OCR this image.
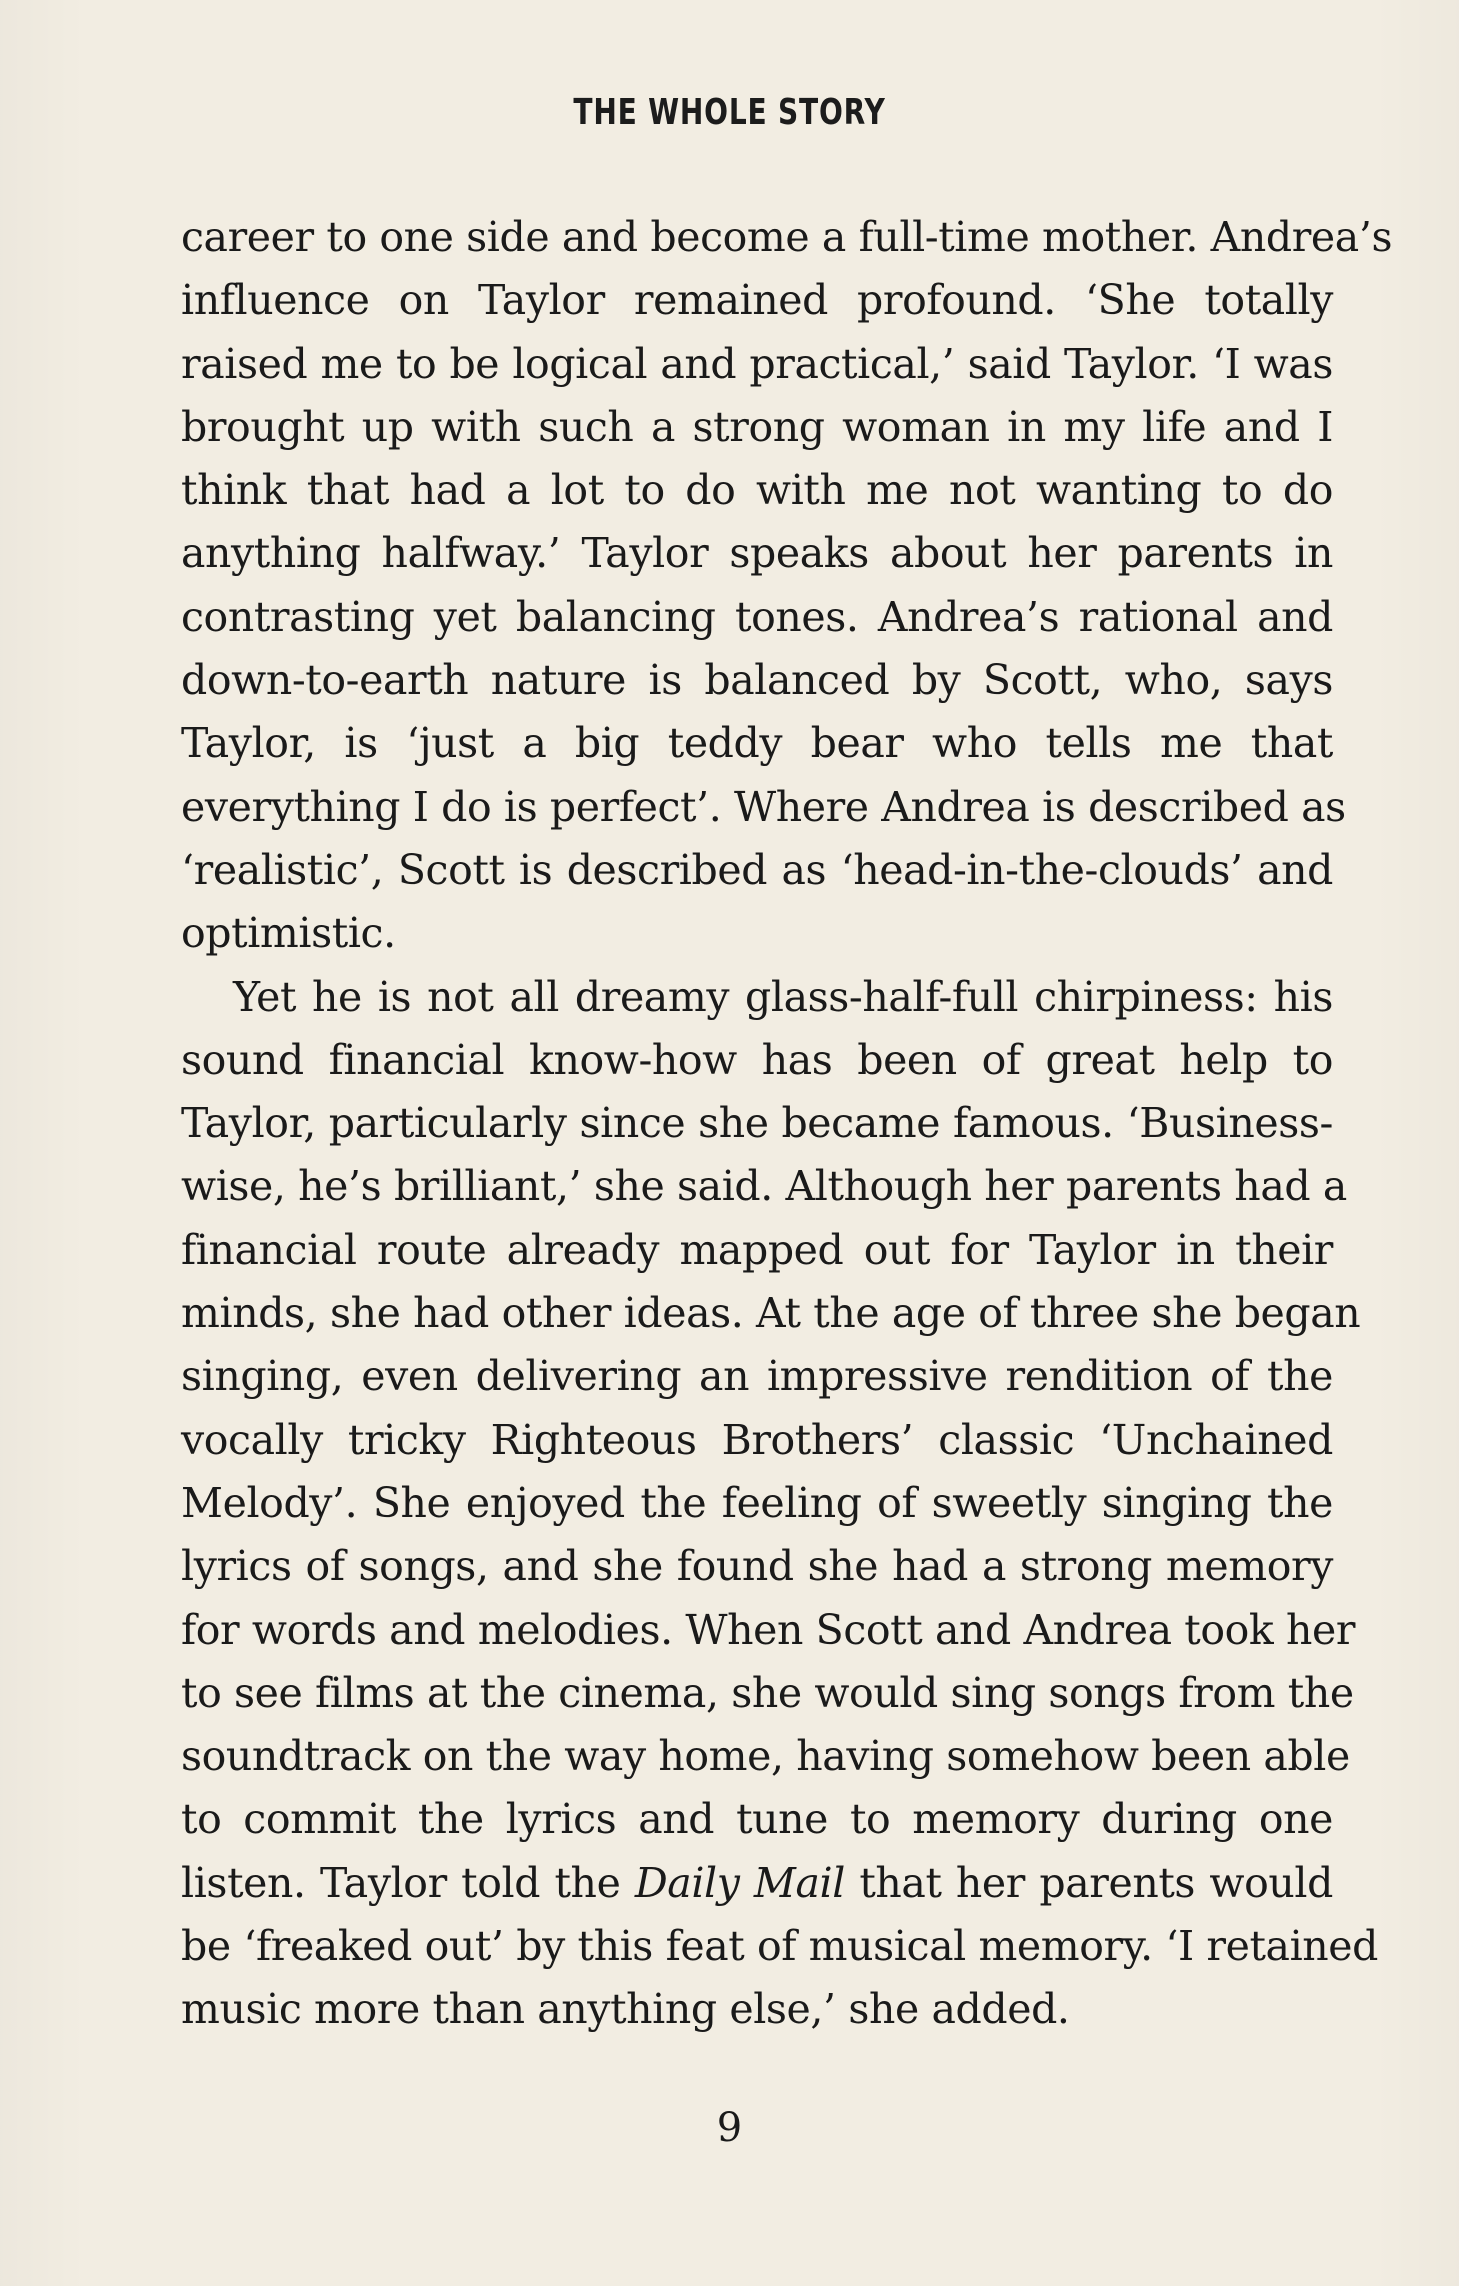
THE WHOLE STORY
career to one side and become a full-time mother. Andrea’s
influence on Taylor remained profound. ‘She totally
raised me to be logical and practical,’ said Taylor. ‘I was
brought up with such a strong woman in my life and I
think that had a lot to do with me not wanting to do
anything halfway.’ Taylor speaks about her parents in
contrasting yet balancing tones. Andrea’s rational and
down-to-earth nature is balanced by Scott, who, says
Taylor, is ‘just a big teddy bear who tells me that
everything I do is perfect’. Where Andrea is described as
‘realistic’, Scott is described as ‘head-in-the-clouds’ and
optimistic.
Yet he is not all dreamy glass-half-full chirpiness: his
sound financial know-how has been of great help to
Taylor, particularly since she became famous. ‘Business-
wise, he’s brilliant,’ she said. Although her parents had a
financial route already mapped out for Taylor in their
minds, she had other ideas. At the age of three she began
singing, even delivering an impressive rendition of the
vocally tricky Righteous Brothers’ classic ‘Unchained
Melody’. She enjoyed the feeling of sweetly singing the
lyrics of songs, and she found she had a strong memory
for words and melodies. When Scott and Andrea took her
to see films at the cinema, she would sing songs from the
soundtrack on the way home, having somehow been able
to commit the lyrics and tune to memory during one
listen. Taylor told the Daily Mail that her parents would
be ‘freaked out’ by this feat of musical memory. ‘I retained
music more than anything else,’ she added.
9
